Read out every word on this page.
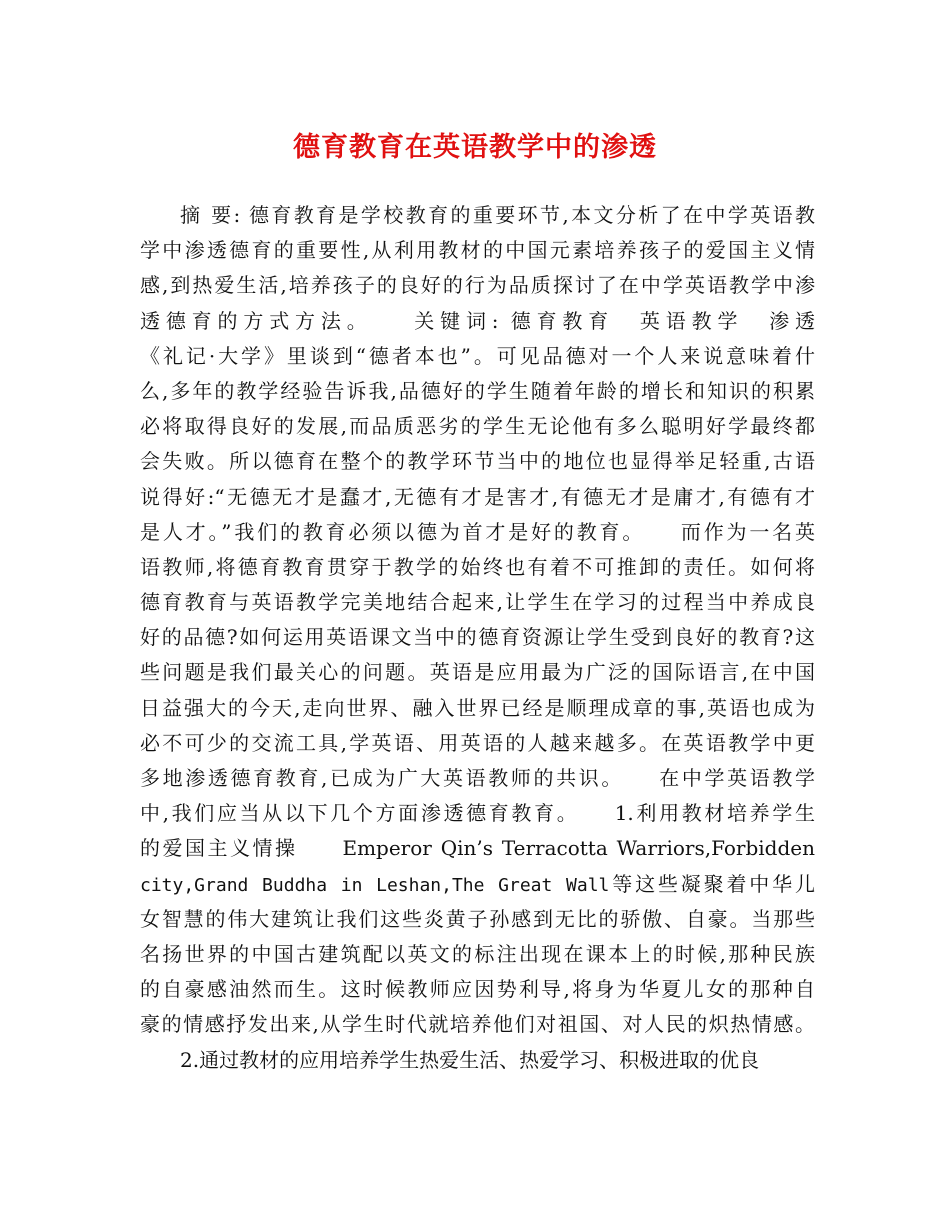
德育教育在英语教学中的渗透
摘 要: 德育教育是学校教育的重要环节,本文分析了在中学英语教
学中渗透德育的重要性,从利用教材的中国元素培养孩子的爱国主义情
感,到热爱生活,培养孩子的良好的行为品质探讨了在中学英语教学中渗
透德育的方式方法。　　关键词: 德育教育　英语教学　渗透
《礼记·大学》里谈到“德者本也”。可见品德对一个人来说意味着什
么,多年的教学经验告诉我,品德好的学生随着年龄的增长和知识的积累
必将取得良好的发展,而品质恶劣的学生无论他有多么聪明好学最终都
会失败。所以德育在整个的教学环节当中的地位也显得举足轻重,古语
说得好:“无德无才是蠢才,无德有才是害才,有德无才是庸才,有德有才
是人才。”我们的教育必须以德为首才是好的教育。　　而作为一名英
语教师,将德育教育贯穿于教学的始终也有着不可推卸的责任。如何将
德育教育与英语教学完美地结合起来,让学生在学习的过程当中养成良
好的品德?如何运用英语课文当中的德育资源让学生受到良好的教育?这
些问题是我们最关心的问题。英语是应用最为广泛的国际语言,在中国
日益强大的今天,走向世界、融入世界已经是顺理成章的事,英语也成为
必不可少的交流工具,学英语、用英语的人越来越多。在英语教学中更
多地渗透德育教育,已成为广大英语教师的共识。　　在中学英语教学
中,我们应当从以下几个方面渗透德育教育。　　1.利用教材培养学生
的爱国主义情操　　Emperor Qin’s Terracotta Warriors,Forbidden
city,Grand Buddha in Leshan,The Great Wall等这些凝聚着中华儿
女智慧的伟大建筑让我们这些炎黄子孙感到无比的骄傲、自豪。当那些
名扬世界的中国古建筑配以英文的标注出现在课本上的时候,那种民族
的自豪感油然而生。这时候教师应因势利导,将身为华夏儿女的那种自
豪的情感抒发出来,从学生时代就培养他们对祖国、对人民的炽热情感。
2.通过教材的应用培养学生热爱生活、热爱学习、积极进取的优良
